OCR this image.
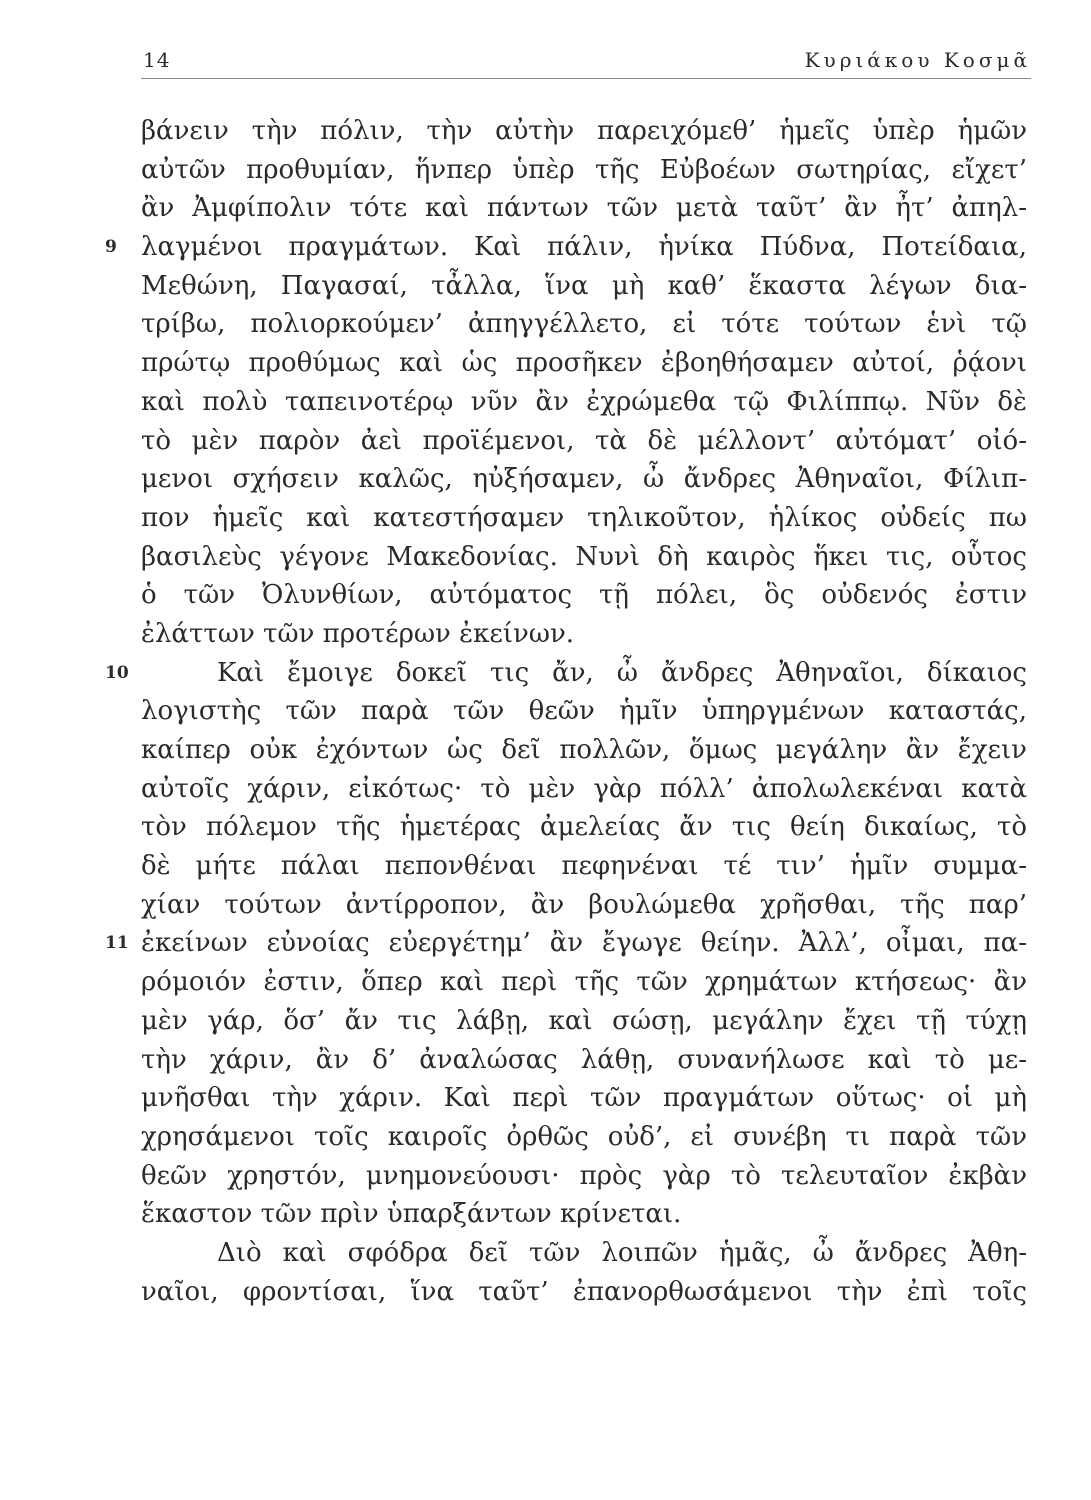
14	Κυριάκου Κοσμᾶ
βάνειν τὴν πόλιν, τὴν αὐτὴν παρειχόμεθ’ ἡμεῖς ὑπὲρ ἡμῶν
αὐτῶν προθυμίαν, ἥνπερ ὑπὲρ τῆς Εὐβοέων σωτηρίας, εἴχετ’
ἂν Ἀμφίπολιν τότε καὶ πάντων τῶν μετὰ ταῦτ’ ἂν ἦτ’ ἀπηλ-
9 λαγμένοι πραγμάτων. Καὶ πάλιν, ἡνίκα Πύδνα, Ποτείδαια,
Μεθώνη, Παγασαί, τἆλλα, ἵνα μὴ καθ’ ἕκαστα λέγων δια-
τρίβω, πολιορκούμεν’ ἀπηγγέλλετο, εἰ τότε τούτων ἑνὶ τῷ
πρώτῳ προθύμως καὶ ὡς προσῆκεν ἐβοηθήσαμεν αὐτοί, ῥᾴονι
καὶ πολὺ ταπεινοτέρῳ νῦν ἂν ἐχρώμεθα τῷ Φιλίππῳ. Νῦν δὲ
τὸ μὲν παρὸν ἀεὶ προϊέμενοι, τὰ δὲ μέλλοντ’ αὐτόματ’ οἰό-
μενοι σχήσειν καλῶς, ηὐξήσαμεν, ὦ ἄνδρες Ἀθηναῖοι, Φίλιπ-
πον ἡμεῖς καὶ κατεστήσαμεν τηλικοῦτον, ἡλίκος οὐδείς πω
βασιλεὺς γέγονε Μακεδονίας. Νυνὶ δὴ καιρὸς ἥκει τις, οὗτος
ὁ τῶν Ὀλυνθίων, αὐτόματος τῇ πόλει, ὃς οὐδενός ἐστιν
ἐλάττων τῶν προτέρων ἐκείνων.
10	Καὶ ἔμοιγε δοκεῖ τις ἄν, ὦ ἄνδρες Ἀθηναῖοι, δίκαιος
λογιστὴς τῶν παρὰ τῶν θεῶν ἡμῖν ὑπηργμένων καταστάς,
καίπερ οὐκ ἐχόντων ὡς δεῖ πολλῶν, ὅμως μεγάλην ἂν ἔχειν
αὐτοῖς χάριν, εἰκότως· τὸ μὲν γὰρ πόλλ’ ἀπολωλεκέναι κατὰ
τὸν πόλεμον τῆς ἡμετέρας ἀμελείας ἄν τις θείη δικαίως, τὸ
δὲ μήτε πάλαι πεπονθέναι πεφηνέναι τέ τιν’ ἡμῖν συμμα-
χίαν τούτων ἀντίρροπον, ἂν βουλώμεθα χρῆσθαι, τῆς παρ’
11 ἐκείνων εὐνοίας εὐεργέτημ’ ἂν ἔγωγε θείην. Ἀλλ’, οἶμαι, πα-
ρόμοιόν ἐστιν, ὅπερ καὶ περὶ τῆς τῶν χρημάτων κτήσεως· ἂν
μὲν γάρ, ὅσ’ ἄν τις λάβῃ, καὶ σώσῃ, μεγάλην ἔχει τῇ τύχῃ
τὴν χάριν, ἂν δ’ ἀναλώσας λάθῃ, συνανήλωσε καὶ τὸ με-
μνῆσθαι τὴν χάριν. Καὶ περὶ τῶν πραγμάτων οὕτως· οἱ μὴ
χρησάμενοι τοῖς καιροῖς ὀρθῶς οὐδ’, εἰ συνέβη τι παρὰ τῶν
θεῶν χρηστόν, μνημονεύουσι· πρὸς γὰρ τὸ τελευταῖον ἐκβὰν
ἕκαστον τῶν πρὶν ὑπαρξάντων κρίνεται.
Διὸ καὶ σφόδρα δεῖ τῶν λοιπῶν ἡμᾶς, ὦ ἄνδρες Ἀθη-
ναῖοι, φροντίσαι, ἵνα ταῦτ’ ἐπανορθωσάμενοι τὴν ἐπὶ τοῖς
